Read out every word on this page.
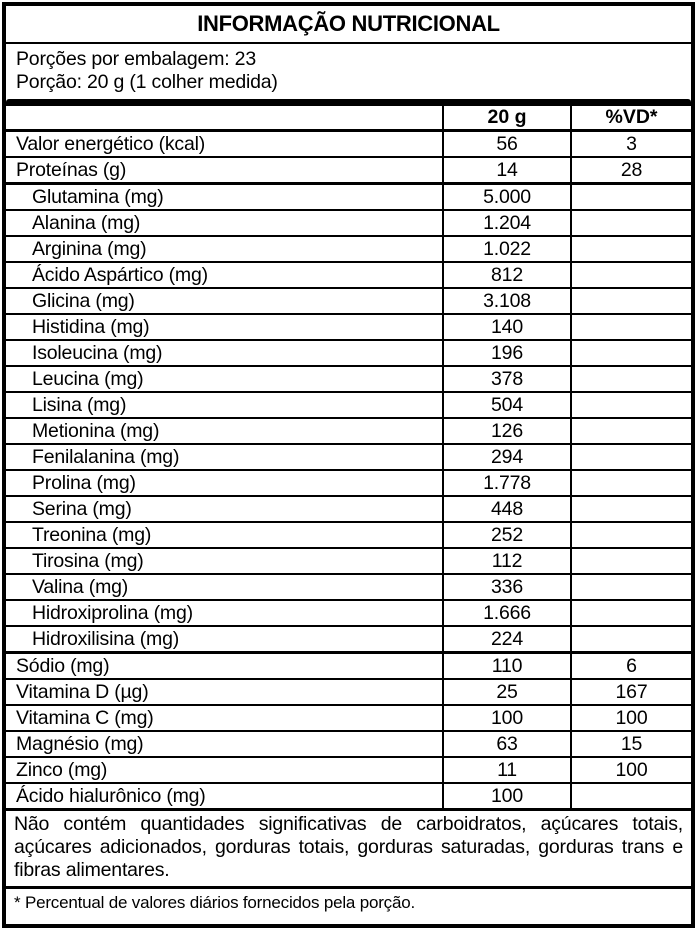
INFORMAÇÃO NUTRICIONAL
Porções por embalagem: 23
Porção: 20 g (1 colher medida)
	20 g	%VD*
Valor energético (kcal)	56	3
Proteínas (g)	14	28
Glutamina (mg)	5.000	
Alanina (mg)	1.204	
Arginina (mg)	1.022	
Ácido Aspártico (mg)	812	
Glicina (mg)	3.108	
Histidina (mg)	140	
Isoleucina (mg)	196	
Leucina (mg)	378	
Lisina (mg)	504	
Metionina (mg)	126	
Fenilalanina (mg)	294	
Prolina (mg)	1.778	
Serina (mg)	448	
Treonina (mg)	252	
Tirosina (mg)	112	
Valina (mg)	336	
Hidroxiprolina (mg)	1.666	
Hidroxilisina (mg)	224	
Sódio (mg)	110	6
Vitamina D (µg)	25	167
Vitamina C (mg)	100	100
Magnésio (mg)	63	15
Zinco (mg)	11	100
Ácido hialurônico (mg)	100	
Não contém quantidades significativas de carboidratos, açúcares totais, açúcares adicionados, gorduras totais, gorduras saturadas, gorduras trans e fibras alimentares.
* Percentual de valores diários fornecidos pela porção.
